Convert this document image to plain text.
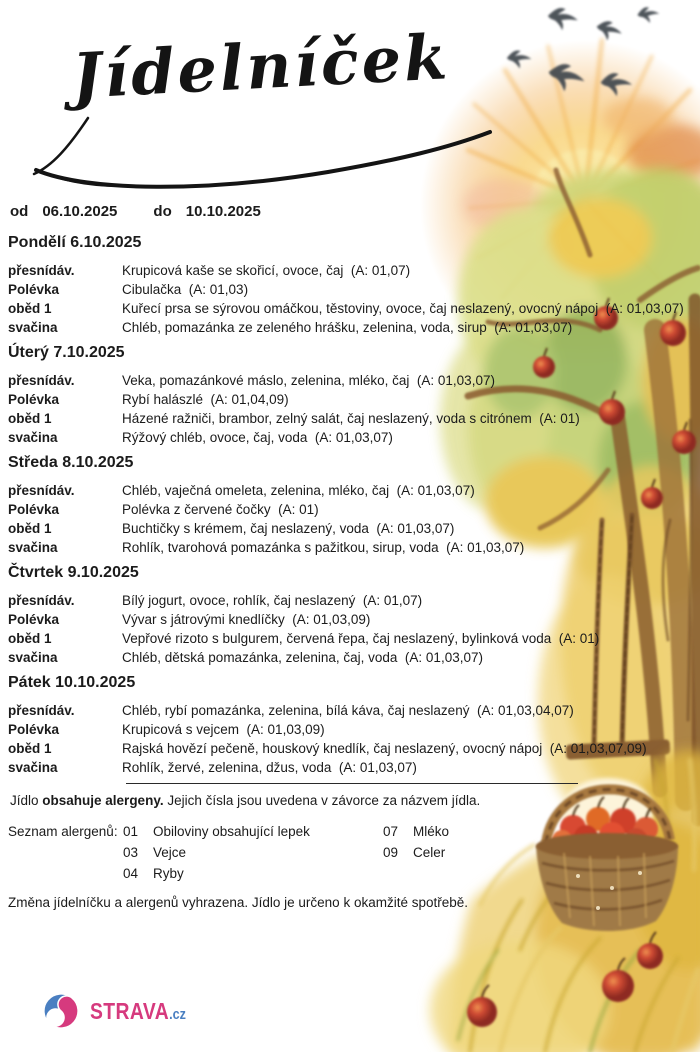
Jídelníček
od 06.10.2025 do 10.10.2025
Pondělí 6.10.2025
přesnídáv.	Krupicová kaše se skořicí, ovoce, čaj  (A: 01,07)
Polévka	Cibulačka  (A: 01,03)
oběd 1	Kuřecí prsa se sýrovou omáčkou, těstoviny, ovoce, čaj neslazený, ovocný nápoj  (A: 01,03,07)
svačina	Chléb, pomazánka ze zeleného hrášku, zelenina, voda, sirup  (A: 01,03,07)
Úterý 7.10.2025
přesnídáv.	Veka, pomazánkové máslo, zelenina, mléko, čaj  (A: 01,03,07)
Polévka	Rybí halászlé  (A: 01,04,09)
oběd 1	Házené ražniči, brambor, zelný salát, čaj neslazený, voda s citrónem  (A: 01)
svačina	Rýžový chléb, ovoce, čaj, voda  (A: 01,03,07)
Středa 8.10.2025
přesnídáv.	Chléb, vaječná omeleta, zelenina, mléko, čaj  (A: 01,03,07)
Polévka	Polévka z červené čočky  (A: 01)
oběd 1	Buchtičky s krémem, čaj neslazený, voda  (A: 01,03,07)
svačina	Rohlík, tvarohová pomazánka s pažitkou, sirup, voda  (A: 01,03,07)
Čtvrtek 9.10.2025
přesnídáv.	Bílý jogurt, ovoce, rohlík, čaj neslazený  (A: 01,07)
Polévka	Vývar s játrovými knedlíčky  (A: 01,03,09)
oběd 1	Vepřové rizoto s bulgurem, červená řepa, čaj neslazený, bylinková voda  (A: 01)
svačina	Chléb, dětská pomazánka, zelenina, čaj, voda  (A: 01,03,07)
Pátek 10.10.2025
přesnídáv.	Chléb, rybí pomazánka, zelenina, bílá káva, čaj neslazený  (A: 01,03,04,07)
Polévka	Krupicová s vejcem  (A: 01,03,09)
oběd 1	Rajská hovězí pečeně, houskový knedlík, čaj neslazený, ovocný nápoj  (A: 01,03,07,09)
svačina	Rohlík, žervé, zelenina, džus, voda  (A: 01,03,07)

Jídlo obsahuje alergeny. Jejich čísla jsou uvedena v závorce za názvem jídla.

Seznam alergenů: 01	Obiloviny obsahující lepek	07	Mléko
03	Vejce	09	Celer
04	Ryby

Změna jídelníčku a alergenů vyhrazena. Jídlo je určeno k okamžité spotřebě.

STRAVA.cz
